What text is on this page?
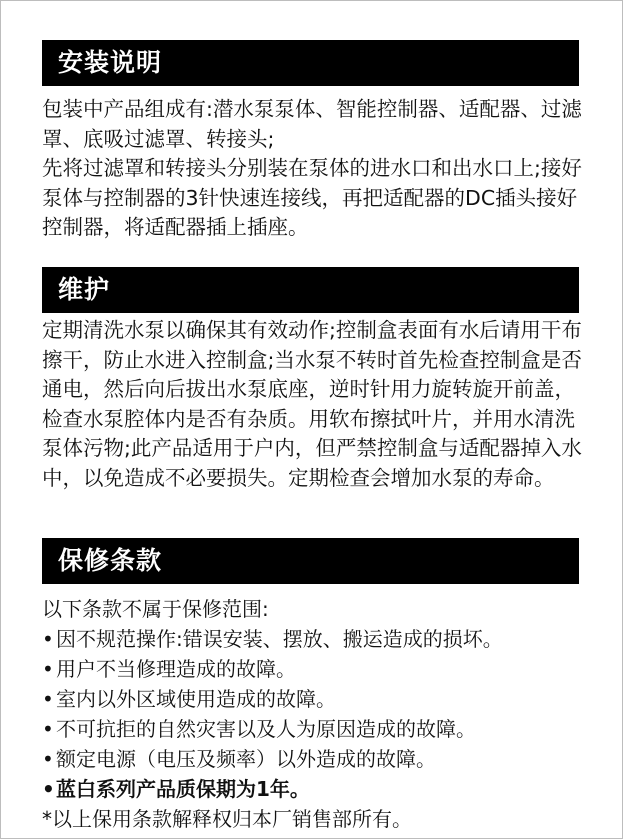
安装说明

包装中产品组成有:潜水泵泵体、智能控制器、适配器、过滤罩、底吸过滤罩、转接头;

先将过滤罩和转接头分别装在泵体的进水口和出水口上;接好泵体与控制器的3针快速连接线，再把适配器的DC插头接好控制器，将适配器插上插座。

维护

定期清洗水泵以确保其有效动作;控制盒表面有水后请用干布擦干，防止水进入控制盒;当水泵不转时首先检查控制盒是否通电，然后向后拔出水泵底座，逆时针用力旋转旋开前盖，检查水泵腔体内是否有杂质。用软布擦拭叶片，并用水清洗泵体污物;此产品适用于户内，但严禁控制盒与适配器掉入水中，以免造成不必要损失。定期检查会增加水泵的寿命。

保修条款
以下条款不属于保修范围:
• 因不规范操作:错误安装、摆放、搬运造成的损坏。
• 用户不当修理造成的故障。
• 室内以外区域使用造成的故障。
• 不可抗拒的自然灾害以及人为原因造成的故障。
• 额定电源（电压及频率）以外造成的故障。
• 蓝白系列产品质保期为1年。
*以上保用条款解释权归本厂销售部所有。
